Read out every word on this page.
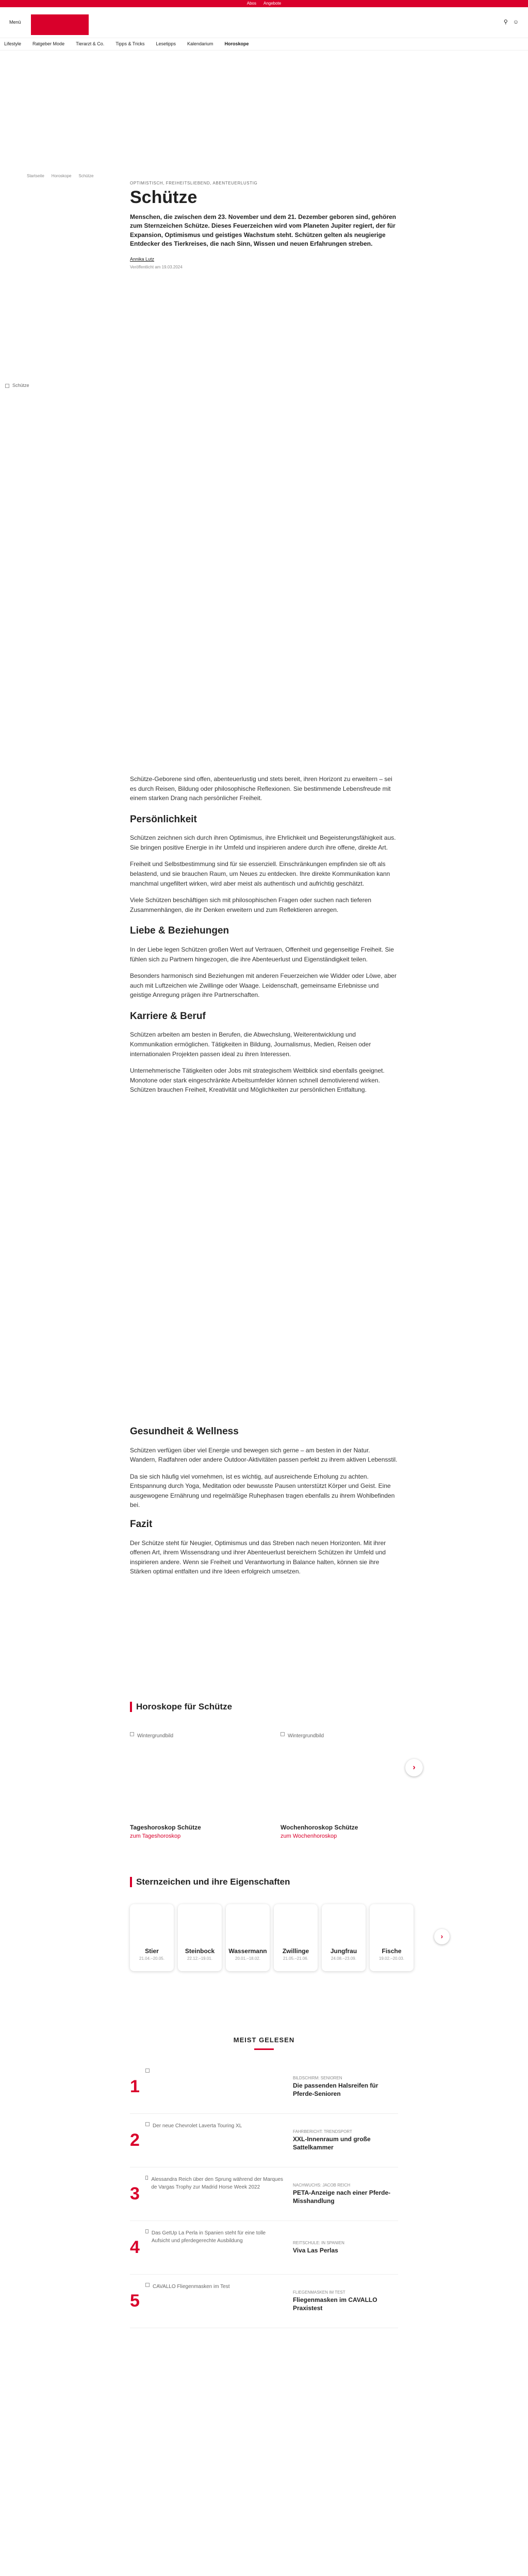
Abos Angebote
Menü	⚲ ☺
Lifestyle Ratgeber Mode Tierarzt & Co. Tipps & Tricks Lesetipps Kalendarium Horoskope
Startseite Horoskope Schütze
OPTIMISTISCH, FREIHEITSLIEBEND, ABENTEUERLUSTIG
Schütze

Menschen, die zwischen dem 23. November und dem 21. Dezember geboren sind, gehören zum Sternzeichen Schütze. Dieses Feuerzeichen wird vom Planeten Jupiter regiert, der für Expansion, Optimismus und geistiges Wachstum steht. Schützen gelten als neugierige Entdecker des Tierkreises, die nach Sinn, Wissen und neuen Erfahrungen streben.

Annika Lutz
Veröffentlicht am 19.03.2024
Schütze

Schütze-Geborene sind offen, abenteuerlustig und stets bereit, ihren Horizont zu erweitern – sei es durch Reisen, Bildung oder philosophische Reflexionen. Sie bestimmende Lebensfreude mit einem starken Drang nach persönlicher Freiheit.

Persönlichkeit

Schützen zeichnen sich durch ihren Optimismus, ihre Ehrlichkeit und Begeisterungsfähigkeit aus. Sie bringen positive Energie in ihr Umfeld und inspirieren andere durch ihre offene, direkte Art.

Freiheit und Selbstbestimmung sind für sie essenziell. Einschränkungen empfinden sie oft als belastend, und sie brauchen Raum, um Neues zu entdecken. Ihre direkte Kommunikation kann manchmal ungefiltert wirken, wird aber meist als authentisch und aufrichtig geschätzt.

Viele Schützen beschäftigen sich mit philosophischen Fragen oder suchen nach tieferen Zusammenhängen, die ihr Denken erweitern und zum Reflektieren anregen.

Liebe & Beziehungen

In der Liebe legen Schützen großen Wert auf Vertrauen, Offenheit und gegenseitige Freiheit. Sie fühlen sich zu Partnern hingezogen, die ihre Abenteuerlust und Eigenständigkeit teilen.

Besonders harmonisch sind Beziehungen mit anderen Feuerzeichen wie Widder oder Löwe, aber auch mit Luftzeichen wie Zwillinge oder Waage. Leidenschaft, gemeinsame Erlebnisse und geistige Anregung prägen ihre Partnerschaften.

Karriere & Beruf

Schützen arbeiten am besten in Berufen, die Abwechslung, Weiterentwicklung und Kommunikation ermöglichen. Tätigkeiten in Bildung, Journalismus, Medien, Reisen oder internationalen Projekten passen ideal zu ihren Interessen.

Unternehmerische Tätigkeiten oder Jobs mit strategischem Weitblick sind ebenfalls geeignet. Monotone oder stark eingeschränkte Arbeitsumfelder können schnell demotivierend wirken. Schützen brauchen Freiheit, Kreativität und Möglichkeiten zur persönlichen Entfaltung.

Gesundheit & Wellness

Schützen verfügen über viel Energie und bewegen sich gerne – am besten in der Natur. Wandern, Radfahren oder andere Outdoor-Aktivitäten passen perfekt zu ihrem aktiven Lebensstil.

Da sie sich häufig viel vornehmen, ist es wichtig, auf ausreichende Erholung zu achten. Entspannung durch Yoga, Meditation oder bewusste Pausen unterstützt Körper und Geist. Eine ausgewogene Ernährung und regelmäßige Ruhephasen tragen ebenfalls zu ihrem Wohlbefinden bei.

Fazit

Der Schütze steht für Neugier, Optimismus und das Streben nach neuen Horizonten. Mit ihrer offenen Art, ihrem Wissensdrang und ihrer Abenteuerlust bereichern Schützen ihr Umfeld und inspirieren andere. Wenn sie Freiheit und Verantwortung in Balance halten, können sie ihre Stärken optimal entfalten und ihre Ideen erfolgreich umsetzen.

Horoskope für Schütze
Wintergrundbild
Tageshoroskop Schütze
zum Tageshoroskop
Wintergrundbild
Wochenhoroskop Schütze
zum Wochenhoroskop
›
Sternzeichen und ihre Eigenschaften
Stier
21.04.–20.05.
Steinbock
22.12.–19.01.
Wassermann
20.01.–18.02.
Zwillinge
21.05.–21.06.
Jungfrau
24.08.–23.09.
Fische
19.02.–20.03.
›
MEIST GELESEN
1	BILDSCHIRM: SENIOREN
Die passenden Halsreifen für Pferde-Senioren
2
Der neue Chevrolet Laverta Touring XL
FAHRBERICHT: TRENDSPORT
XXL-Innenraum und große Sattelkammer
3
Alessandra Reich über den Sprung während der Marques de Vargas Trophy zur Madrid Horse Week 2022	NACHWUCHS: JACOB REICH
PETA-Anzeige nach einer Pferde-Misshandlung
4
Das GetUp La Perla in Spanien steht für eine tolle Aufsicht und pferdegerechte Ausbildung	REITSCHULE: IN SPANIEN
Viva Las Perlas
5
CAVALLO Fliegenmasken im Test
FLIEGENMASKEN IM TEST
Fliegenmasken im CAVALLO Praxistest
